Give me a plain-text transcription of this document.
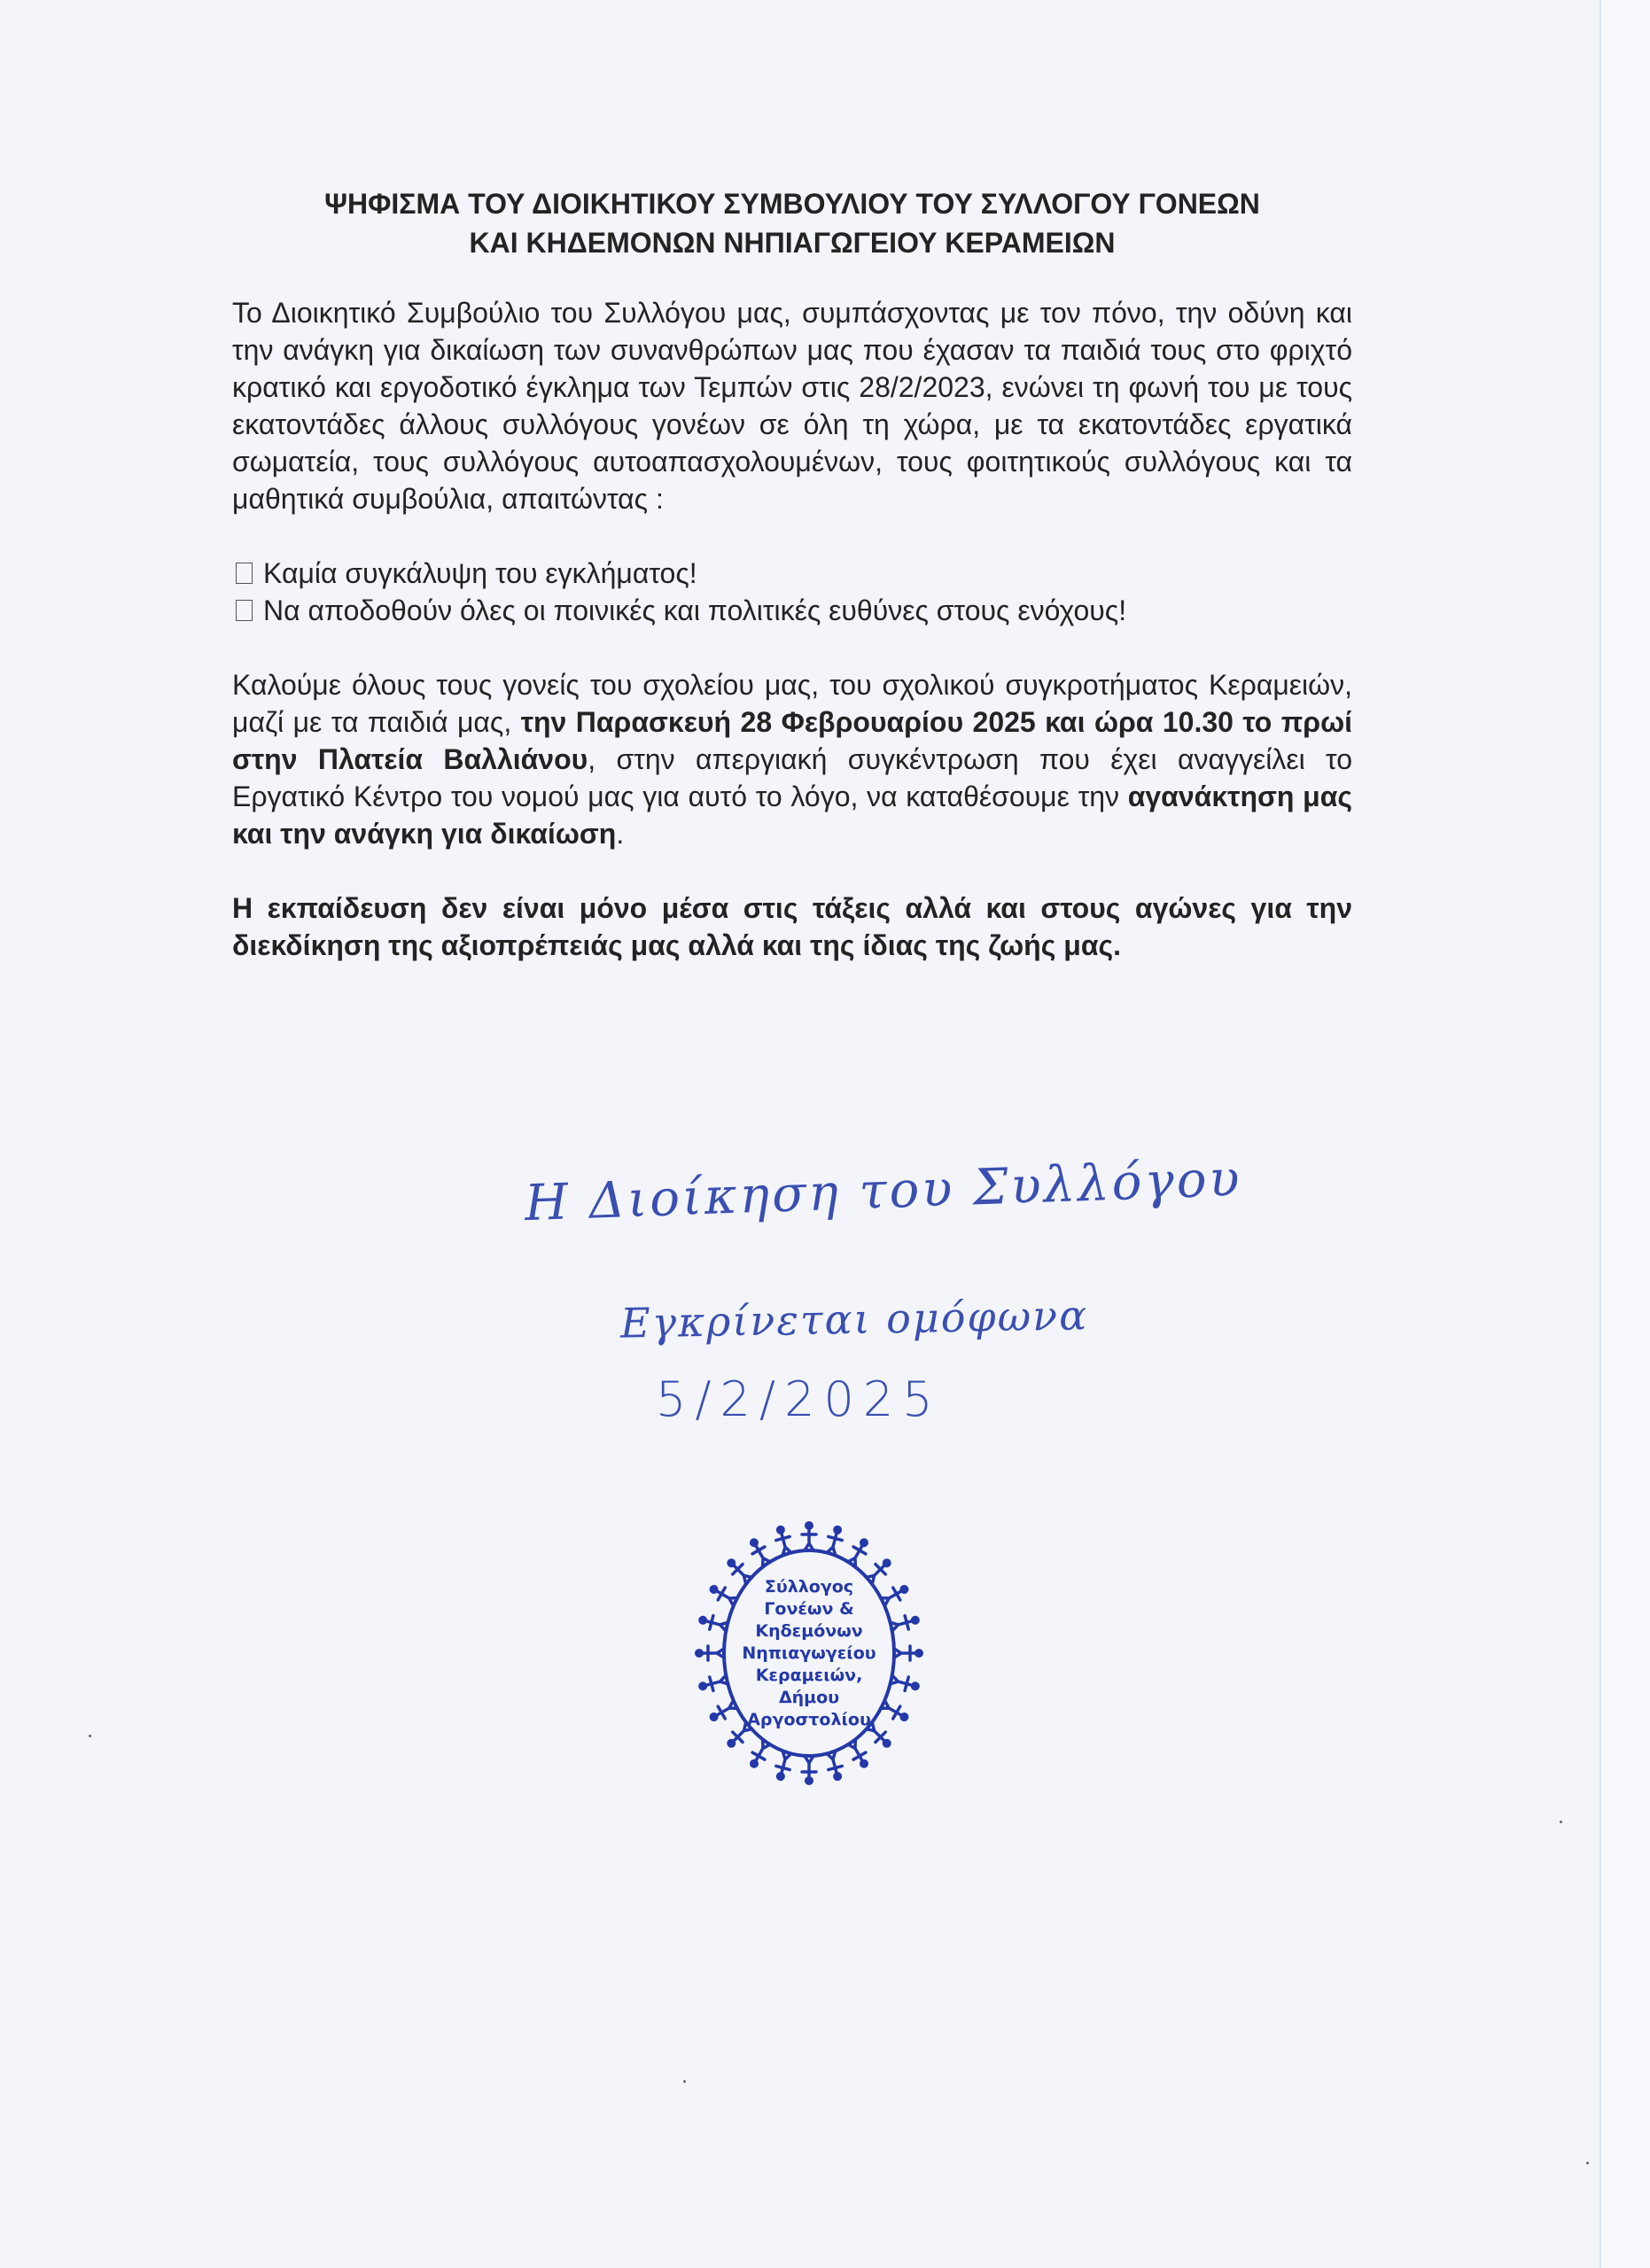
ΨΗΦΙΣΜΑ ΤΟΥ ΔΙΟΙΚΗΤΙΚΟΥ ΣΥΜΒΟΥΛΙΟΥ ΤΟΥ ΣΥΛΛΟΓΟΥ ΓΟΝΕΩΝ
ΚΑΙ ΚΗΔΕΜΟΝΩΝ ΝΗΠΙΑΓΩΓΕΙΟΥ ΚΕΡΑΜΕΙΩΝ

Το Διοικητικό Συμβούλιο του Συλλόγου μας, συμπάσχοντας με τον πόνο, την οδύνη και την ανάγκη για δικαίωση των συνανθρώπων μας που έχασαν τα παιδιά τους στο φριχτό κρατικό και εργοδοτικό έγκλημα των Τεμπών στις 28/2/2023, ενώνει τη φωνή του με τους εκατοντάδες άλλους συλλόγους γονέων σε όλη τη χώρα, με τα εκατοντάδες εργατικά σωματεία, τους συλλόγους αυτοαπασχολουμένων, τους φοιτητικούς συλλόγους και τα μαθητικά συμβούλια, απαιτώντας :

Καμία συγκάλυψη του εγκλήματος!
Να αποδοθούν όλες οι ποινικές και πολιτικές ευθύνες στους ενόχους!

Καλούμε όλους τους γονείς του σχολείου μας, του σχολικού συγκροτήματος Κεραμειών, μαζί με τα παιδιά μας, την Παρασκευή 28 Φεβρουαρίου 2025 και ώρα 10.30 το πρωί στην Πλατεία Βαλλιάνου, στην απεργιακή συγκέντρωση που έχει αναγγείλει το Εργατικό Κέντρο του νομού μας για αυτό το λόγο, να καταθέσουμε την αγανάκτηση μας και την ανάγκη για δικαίωση.

Η εκπαίδευση δεν είναι μόνο μέσα στις τάξεις αλλά και στους αγώνες για την διεκδίκηση της αξιοπρέπειάς μας αλλά και της ίδιας της ζωής μας.

Η Διοίκηση του Συλλόγου
Εγκρίνεται ομόφωνα
5/2/2025
Σύλλογος
Γονέων &
Κηδεμόνων
Νηπιαγωγείου
Κεραμειών,
Δήμου
Αργοστολίου
